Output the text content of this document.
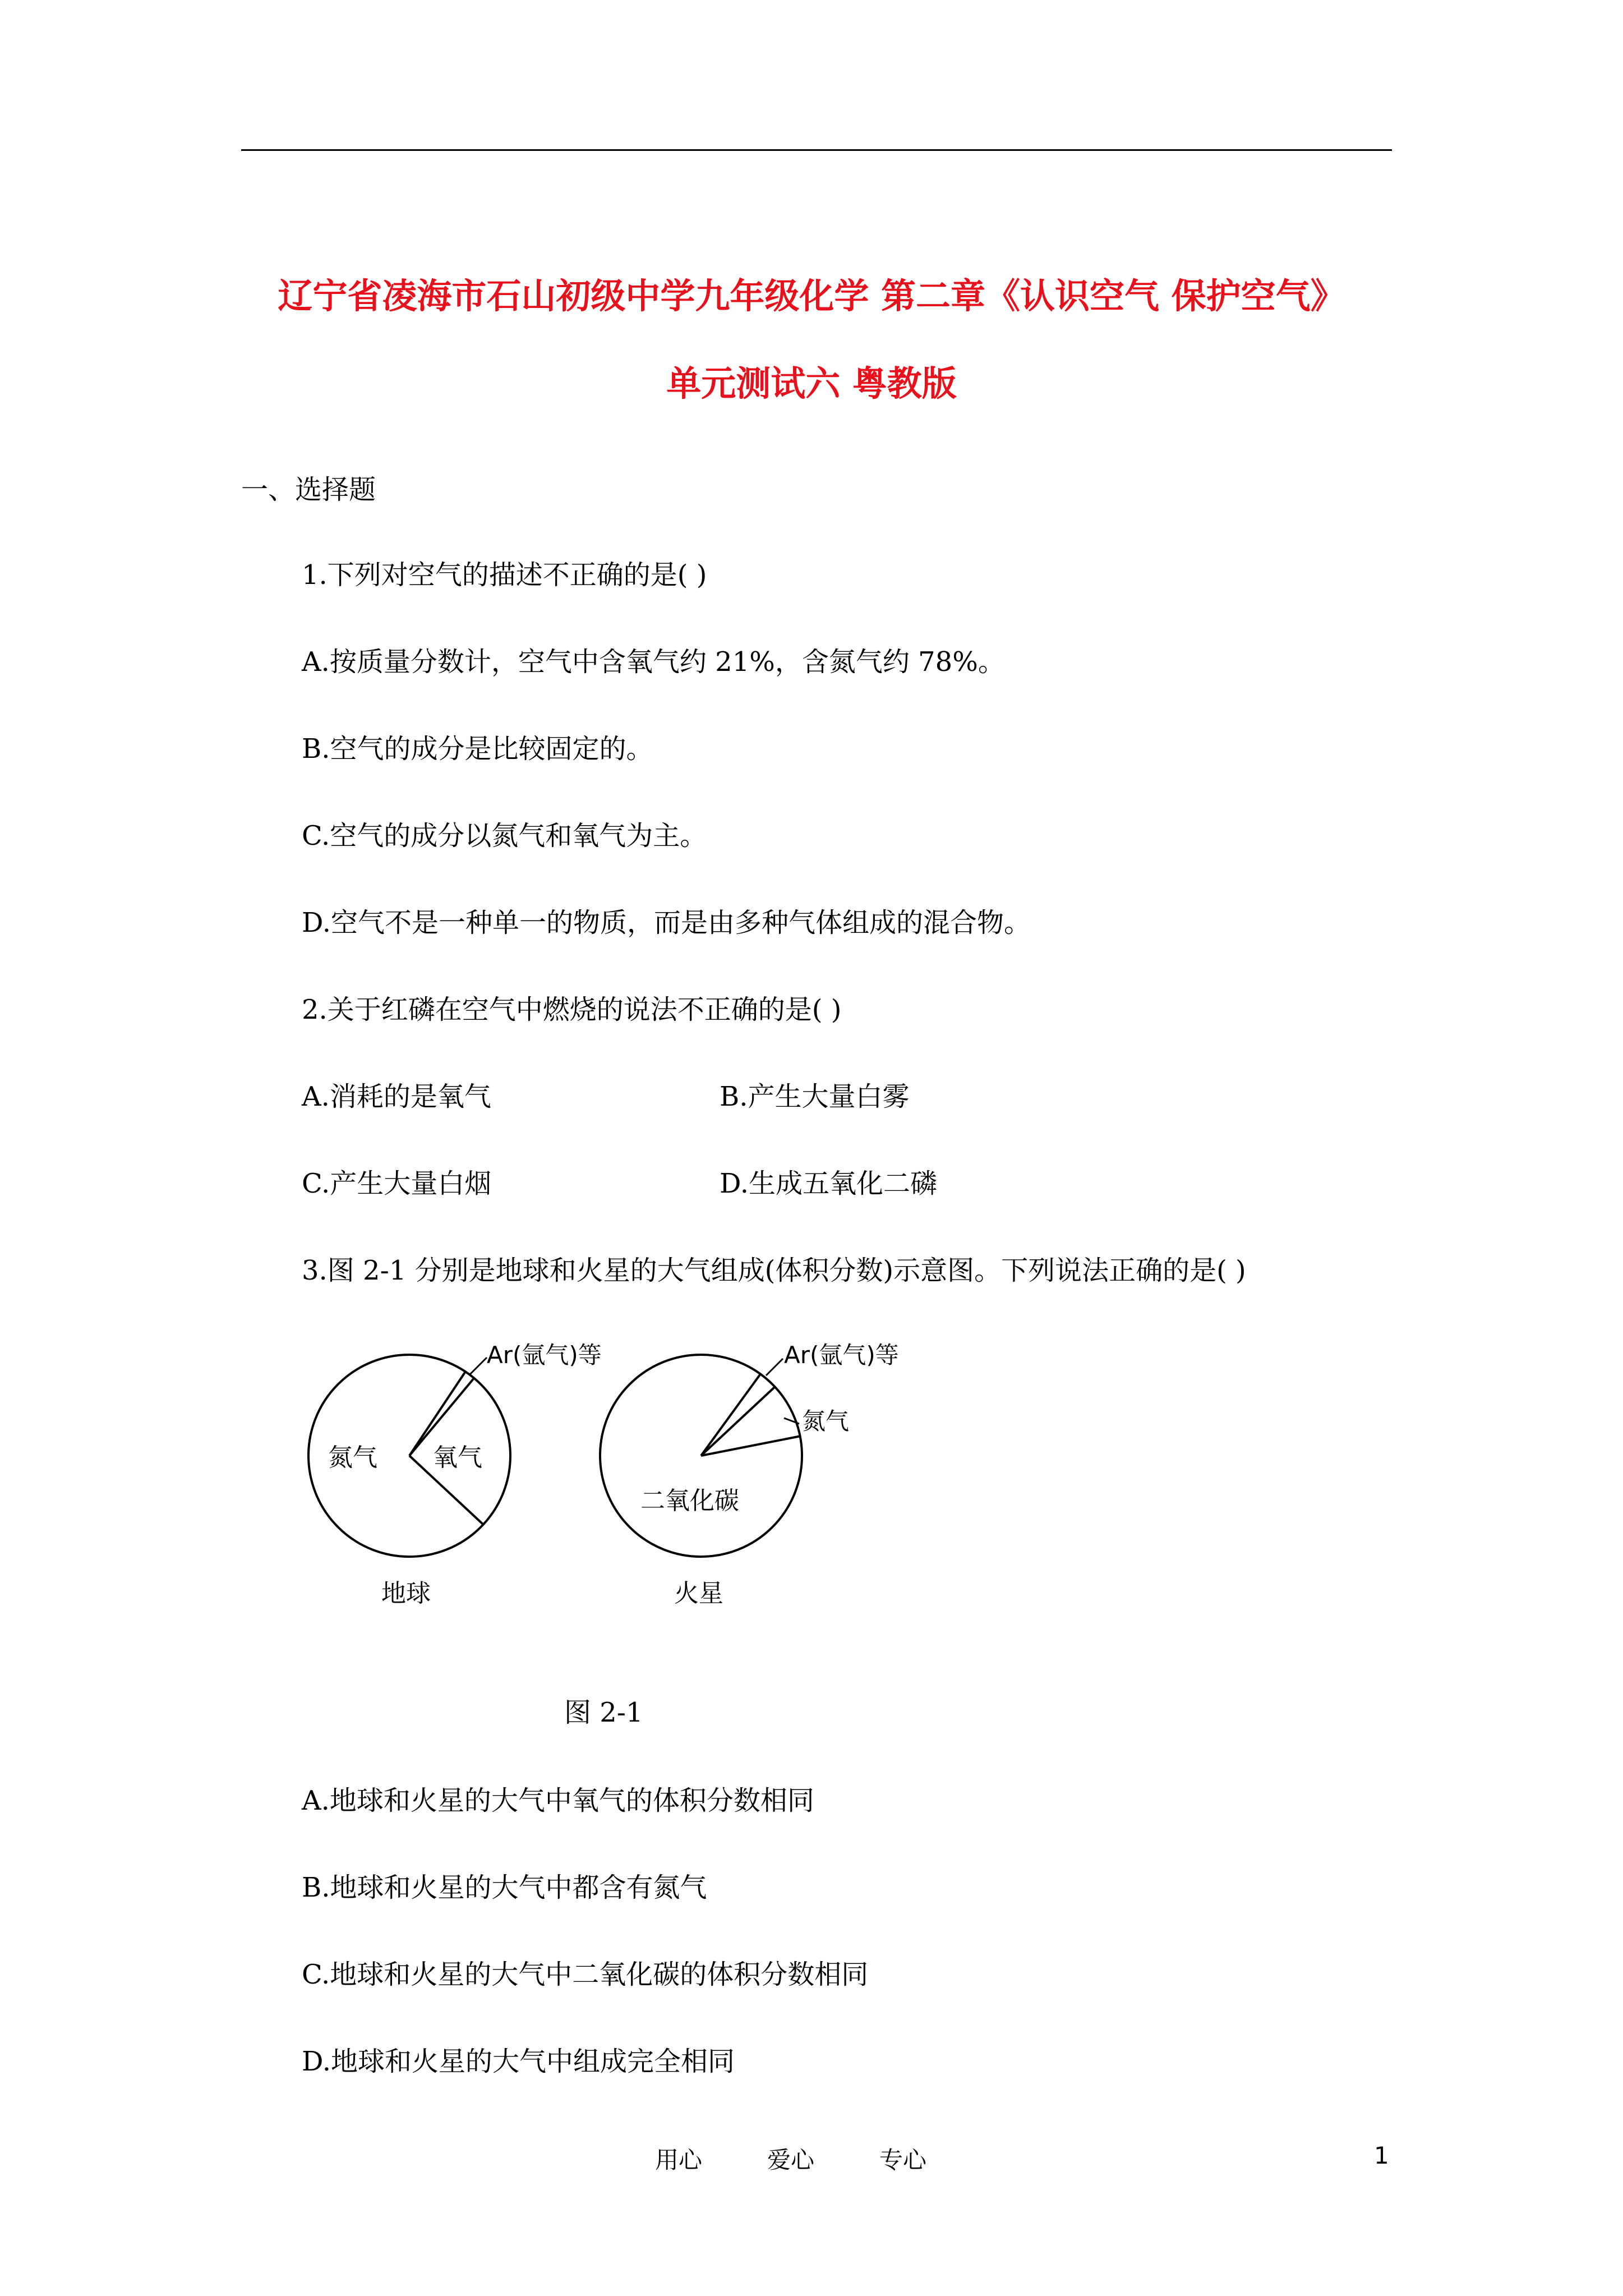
辽宁省凌海市石山初级中学九年级化学 第二章《认识空气 保护空气》
单元测试六 粤教版
一、选择题
1.下列对空气的描述不正确的是( )
A.按质量分数计，空气中含氧气约 21%，含氮气约 78%。
B.空气的成分是比较固定的。
C.空气的成分以氮气和氧气为主。
D.空气不是一种单一的物质，而是由多种气体组成的混合物。
2.关于红磷在空气中燃烧的说法不正确的是( )
A.消耗的是氧气	B.产生大量白雾
C.产生大量白烟	D.生成五氧化二磷
3.图 2-1 分别是地球和火星的大气组成(体积分数)示意图。下列说法正确的是( )
Ar(氩气)等
氮气 氧气
地球
Ar(氩气)等
氮气
二氧化碳
火星
图 2-1
A.地球和火星的大气中氧气的体积分数相同
B.地球和火星的大气中都含有氮气
C.地球和火星的大气中二氧化碳的体积分数相同
D.地球和火星的大气中组成完全相同
用心	爱心	专心	1
